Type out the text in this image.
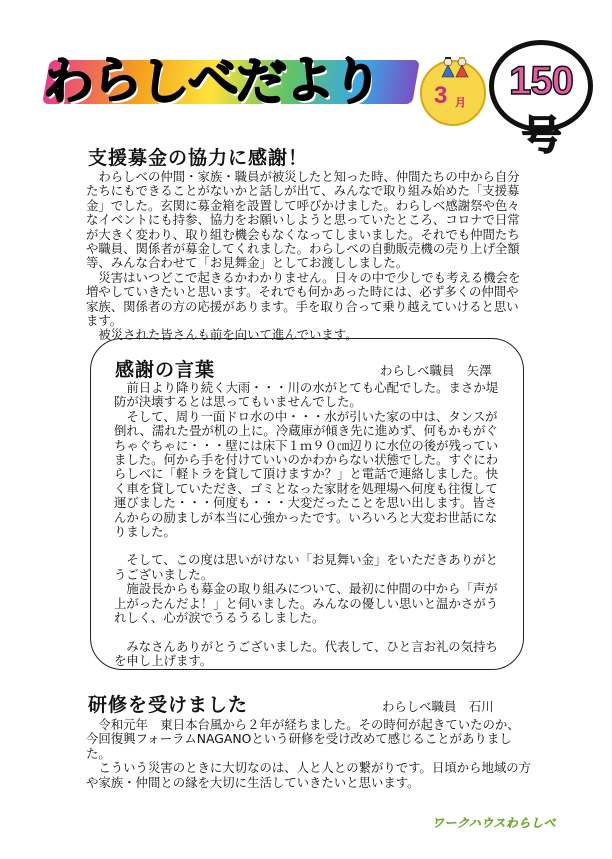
わらしべだより 3 月	150号
支援募金の協力に感謝！

わらしべの仲間・家族・職員が被災したと知った時、仲間たちの中から自分たちにもできることがないかと話しが出て、みんなで取り組み始めた「支援募金」でした。玄関に募金箱を設置して呼びかけました。わらしべ感謝祭や色々なイベントにも持参、協力をお願いしようと思っていたところ、コロナで日常が大きく変わり、取り組む機会もなくなってしまいました。それでも仲間たちや職員、関係者が募金してくれました。わらしべの自動販売機の売り上げ全額等、みんな合わせて「お見舞金」としてお渡ししました。

災害はいつどこで起きるかわかりません。日々の中で少しでも考える機会を増やしていきたいと思います。それでも何かあった時には、必ず多くの仲間や家族、関係者の方の応援があります。手を取り合って乗り越えていけると思います。

被災された皆さんも前を向いて進んでいます。

感謝の言葉	わらしべ職員　矢澤

前日より降り続く大雨・・・川の水がとても心配でした。まさか堤防が決壊するとは思ってもいませんでした。

そして、周り一面ドロ水の中・・・水が引いた家の中は、タンスが倒れ、濡れた畳が机の上に。冷蔵庫が傾き先に進めず、何もかもがぐちゃぐちゃに・・・壁には床下１ｍ９０㎝辺りに水位の後が残っていました。何から手を付けていいのかわからない状態でした。すぐにわらしべに「軽トラを貸して頂けますか？」と電話で連絡しました。快く車を貸していただき、ゴミとなった家財を処理場へ何度も往復して運びました・・・何度も・・・大変だったことを思い出します。皆さんからの励ましが本当に心強かったです。いろいろと大変お世話になりました。

そして、この度は思いがけない「お見舞い金」をいただきありがとうございました。

施設長からも募金の取り組みについて、最初に仲間の中から「声が上がったんだよ！」と伺いました。みんなの優しい思いと温かさがうれしく、心が涙でうるうるしました。

みなさんありがとうございました。代表して、ひと言お礼の気持ちを申し上げます。

研修を受けました	わらしべ職員　石川

令和元年　東日本台風から２年が経ちました。その時何が起きていたのか、今回復興フォーラムNAGANOという研修を受け改めて感じることがありました。

こういう災害のときに大切なのは、人と人との繋がりです。日頃から地域の方や家族・仲間との縁を大切に生活していきたいと思います。

ワークハウスわらしべ
